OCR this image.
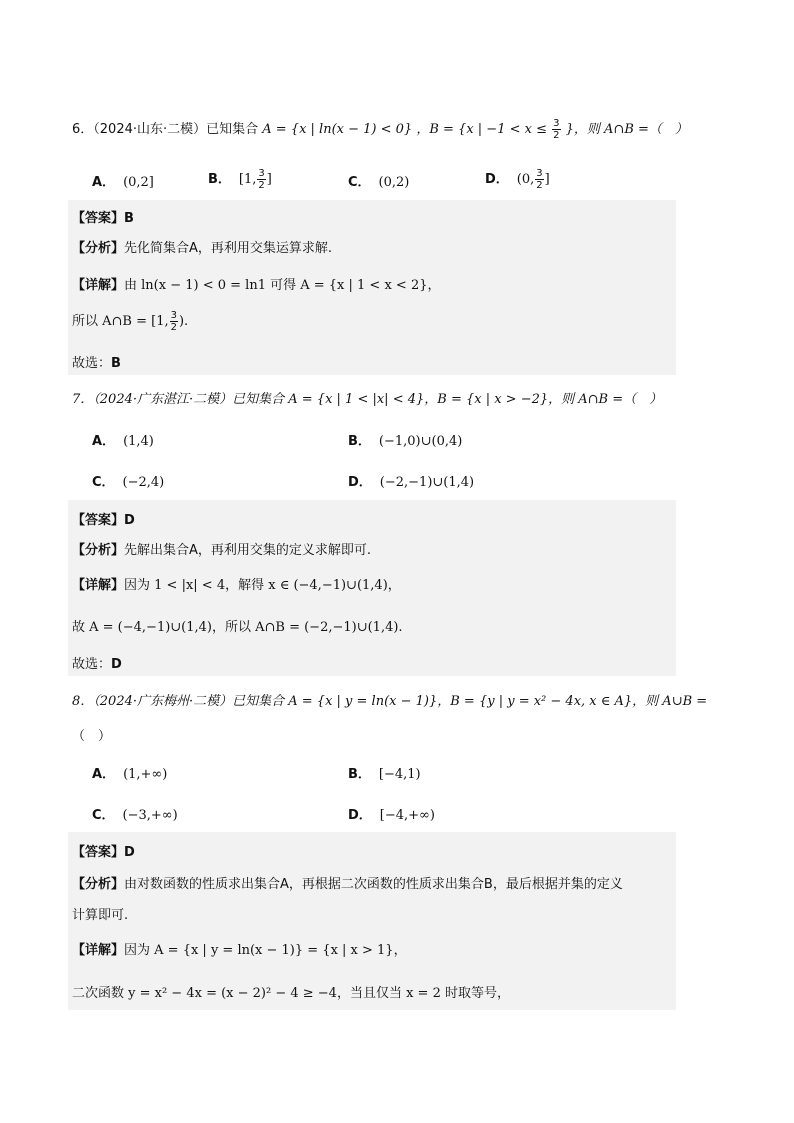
6．（2024·山东·二模）已知集合 A = {x | ln(x − 1) < 0} ，B = {x | $-1 < x \le \frac{3}{2}$ }，则 A∩B =（　）
A． (0,2]	B． [1, $\frac{3}{2}$ ]	C． (0,2)	D． (0, $\frac{3}{2}$ ]
【答案】B
【分析】先化简集合A，再利用交集运算求解.
【详解】由 ln(x − 1) < 0 = ln1 可得 A = {x | 1 < x < 2}，
所以 A∩B = [1, $\frac{3}{2}$ ).
故选：B
7．（2024·广东湛江·二模）已知集合 A = {x | 1 < |x| < 4}，B = {x | x > −2}，则 A∩B =（　）
A． (1,4)	B． (−1,0)∪(0,4)
C． (−2,4)	D． (−2,−1)∪(1,4)
【答案】D
【分析】先解出集合A，再利用交集的定义求解即可.
【详解】因为 1 < |x| < 4，解得 x ∈ (−4,−1)∪(1,4)，
故 A = (−4,−1)∪(1,4)，所以 A∩B = (−2,−1)∪(1,4).
故选：D
8．（2024·广东梅州·二模）已知集合 A = {x | y = ln(x − 1)}，B = {y | y = x² − 4x, x ∈ A}，则 A∪B =
（　）
A． (1,+∞)	B． [−4,1)
C． (−3,+∞)	D． [−4,+∞)
【答案】D
【分析】由对数函数的性质求出集合A，再根据二次函数的性质求出集合B，最后根据并集的定义
计算即可.
【详解】因为 A = {x | y = ln(x − 1)} = {x | x > 1}，
二次函数 y = x² − 4x = (x − 2)² − 4 ≥ −4，当且仅当 x = 2 时取等号，
